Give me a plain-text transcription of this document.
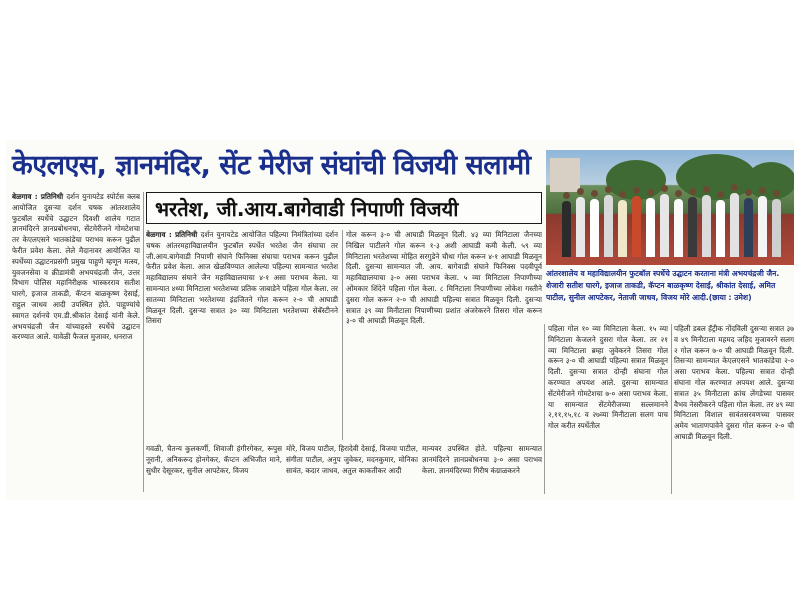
केएलएस, ज्ञानमंदिर, सेंट मेरीज संघांची विजयी सलामी
आंतरशालेय व महाविद्यालयीन फुटबॉल स्पर्धेचे उद्घाटन करताना मंत्री अभयचंद्रजी जैन. शेजारी सतीश घारगे, इजाज ताकडी, कॅप्टन बाळकृष्ण देसाई, श्रीकांत देसाई, अमित पाटील, सुनील आपटेकर, नेताजी जाधव, विजय मोरे आदी.(छाया : उमेश)
बेळगाव : प्रतिनिधी दर्शन युनायटेड स्पोर्टस क्लब आयोजित दुसऱ्या दर्शन चषक आंतरशालेय फुटबॉल स्पर्धेचे उद्घाटन दिवशी शालेय गटात ज्ञानमंदिरने ज्ञानप्रबोधनचा, सेंटमेरीजने गोमटेशचा तर केएलएसने भातकांडेचा पराभव करून पुढील फेरीत प्रवेश केला. लेले मैदानावर आयोजित या स्पर्धेच्या उद्घाटनप्रसंगी प्रमुख पाहुणे म्हणून मत्स्य, युवजनसेवा व क्रीडामंत्री अभयचंद्रजी जैन, उत्तर विभाग पोलिस महानिरीक्षक भास्करराव सतीश घारगे, इजाज ताकडी, कॅप्टन बाळकृष्ण देसाई, राहुल जाधव आदी उपस्थित होते. पाहुण्यांचे स्वागत दर्शनचे एम.डी.श्रीकांत देसाई यांनी केले. अभयचंद्रजी जैन यांच्याहस्ते स्पर्धेचे उद्घाटन करण्यात आले. यावेळी फैजल मुजावर, धनराज
भरतेश, जी.आय.बागेवाडी निपाणी विजयी
बेळगाव : प्रतिनिधी दर्शन युनायटेड आयोजित पहिल्या निमंत्रितांच्या दर्शन चषक आंतरमहाविद्यालयीन फुटबॉल स्पर्धेत भरतेश जैन संघाचा तर जी.आय.बागेवाडी निपाणी संघाने फिनिक्स संघाचा पराभव करून पुढील फेरीत प्रवेश केला. आज खेळविण्यात आलेल्या पहिल्या सामन्यात भरतेश महाविद्यालय संघाने जैन महाविद्यालयाचा ४-१ असा पराभव केला. या सामन्यात ४थ्या मिनिटाला भरतेशच्या प्रतिक जाबाडेने पहिला गोल केला. तर सातव्या मिनिटाला भरतेशच्या इंद्रजितने गोल करून २-० ची आघाडी मिळवून दिली. दुसऱ्या सत्रात ३० व्या मिनिटाला भरतेशच्या सेबॅस्टीनने तिसरा
गोल करून ३-० ची आघाडी मिळवून दिली. ४३ व्या मिनिटाला जैनच्या निखिल पाटीलने गोल करून १-३ अशी आघाडी कमी केली. ५९ व्या मिनिटाला भरतेशच्या मोहित सरगुडेने चौथा गोल करून ४-१ आघाडी मिळवून दिली. दुसऱ्या सामन्यात जी. आय. बागेवाडी संघाने फिनिक्स पदवीपूर्व महाविद्यालयाचा ३-० असा पराभव केला. ५ व्या मिनिटाला निपाणीच्या ओंमकार शिंदेने पहिला गोल केला. ८ मिनिटाला निपाणीच्या लोकेश गस्तीने दुसरा गोल करून २-० ची आघाडी पहिल्या सत्रात मिळवून दिली. दुसऱ्या सत्रात ३९ व्या मिनीटाला निपाणीच्या प्रशांत अंजरेकरने तिसरा गोल करून ३-० ची आघाडी मिळवून दिली.
गवळी, चैतन्य कुलकर्णी, शिवाजी हंगीरगेकर, रूपुस नूरानी, अनिकरूद होनगेकर, कॅप्टन अभिजीत माने, सुधीर देसूरकर, सुनील आपटेकर, विजय
मोरे, विजय पाटील, हिरादेवी देसाई, विजया पाटील, संगीता पाटील, अनुप जुवेकर, मदनकुमार, मोनिका सावंत, कदार जाधव, अतुल काकतीकर आदी
मान्यवर उपस्थित होते. पहिल्या सामन्यात ज्ञानमंदिरने ज्ञानप्रबोधनचा ३-० असा पराभव केला. ज्ञानमंदिरच्या गिरीष कंग्राळकरने
पहिला गोल १० व्या मिनिटाला केला. १५ व्या मिनिटाला केजलने दुसरा गोल केला. तर २१ व्या मिनिटाला ब्रम्हा जुवेकरने तिसरा गोल करून ३-० ची आघाडी पहिल्या सत्रात मिळवून दिली. दुसऱ्या सत्रात दोन्ही संघाना गोल करण्यात अपयश आले. दुसऱ्या सामन्यात सेंटमेरीजने गोमटेशचा ७-० असा पराभव केला. या सामन्यात सेंटमेरीजच्या सल्लमानने २,११,१५,१८ व २७व्या मिनीटाला सलग पाच गोल करीत स्पर्धेतील
पहिली डबल हॅट्रीक नोंदविली दुसऱ्या सत्रात ३७ व ४९ मिनीटाला महमद जहिद मुजावरने सलग २ गोल करून ७-० ची आघाडी मिळवून दिली. तिसऱ्या सामन्यात केएलएसने भातकांडेचा २-० असा पराभव केला. पहिल्या सत्रात दोन्ही संघाना गोल करण्यात अपयश आले. दुसऱ्या सत्रात ३५ मिनीटाला क्रांच लेंगडेच्या पासवर वैभव नेसरीकरने पहिला गोल केला. तर ४९ व्या मिनिटाला विशाल सावंतसरवणच्या पासवर अमेय भाताणपावेने दुसरा गोल करून २-० ची आघाडी मिळवून दिली.
